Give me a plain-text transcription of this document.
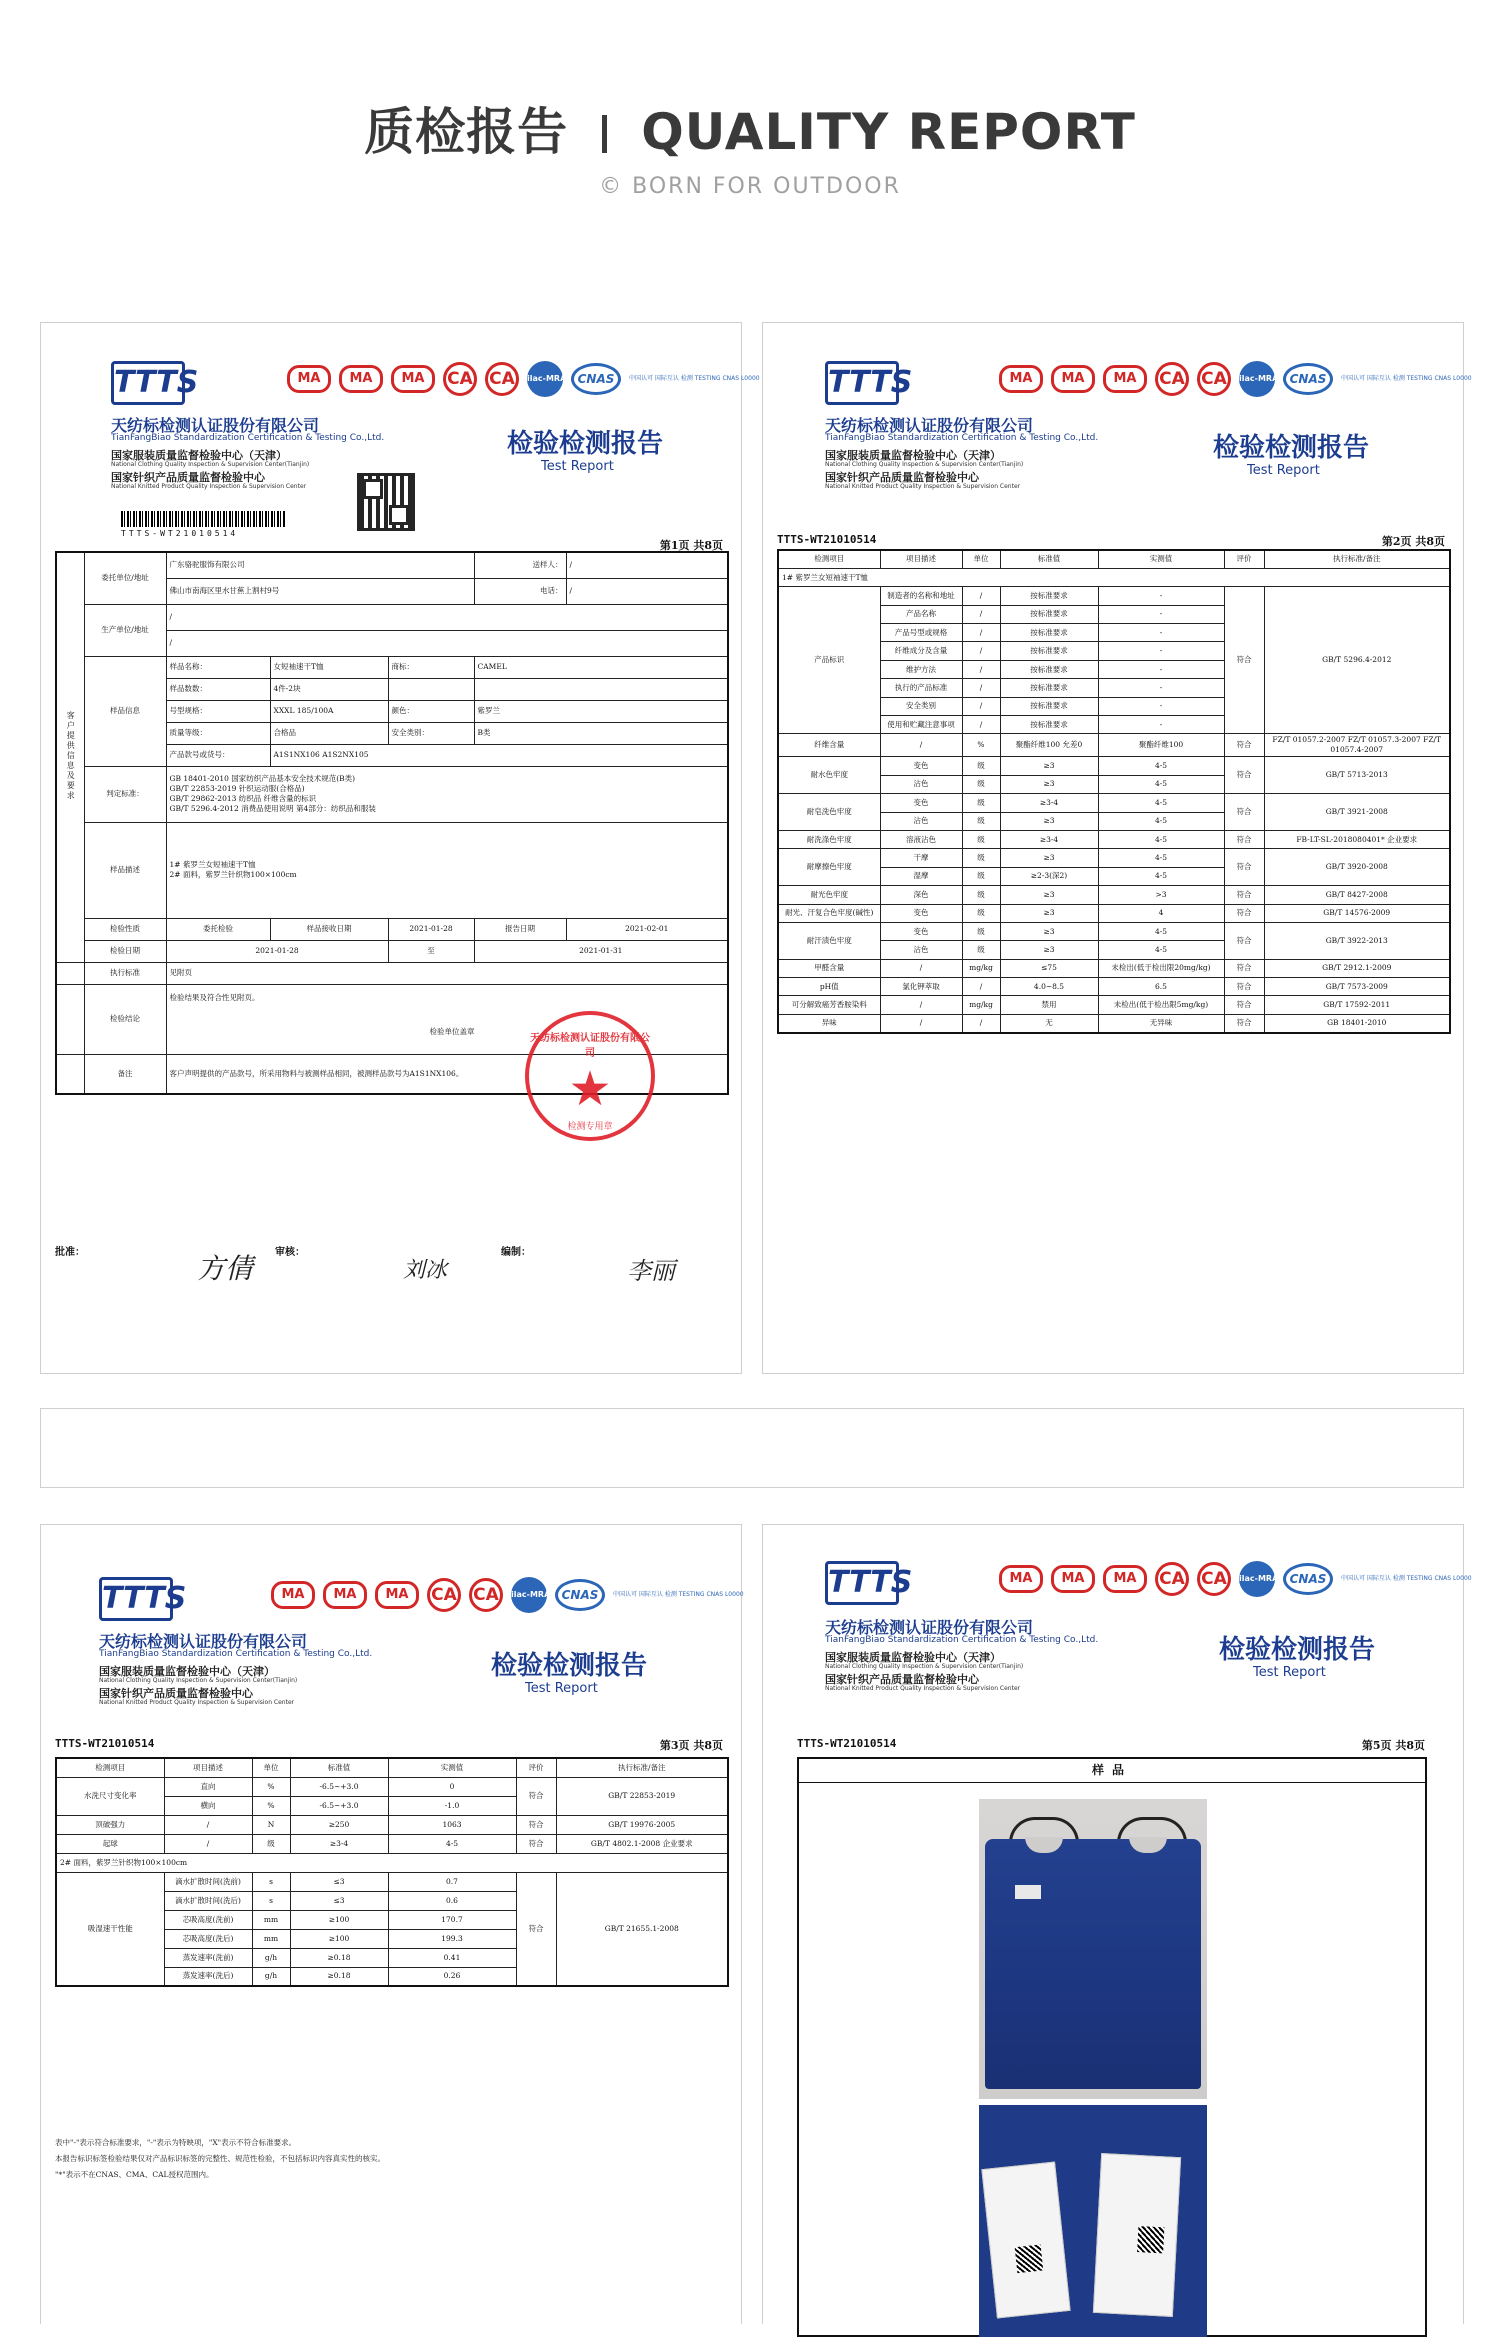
质检报告 QUALITY REPORT
© BORN FOR OUTDOOR
TTTS	MA MA MA CA CA ilac-MRA CNAS 中国认可 国际互认 检测 TESTING CNAS L0000
天纺标检测认证股份有限公司
TianFangBiao Standardization Certification & Testing Co.,Ltd.
国家服装质量监督检验中心（天津）
National Clothing Quality Inspection & Supervision Center(Tianjin)
国家针织产品质量监督检验中心
National Knitted Product Quality Inspection & Supervision Center
检验检测报告
Test Report
TTTS-WT21010514
第1页 共8页
客户提供信息及要求	委托单位/地址	广东骆驼服饰有限公司			送样人：	/
		佛山市南海区里水甘蕉上割村9号			电话：	/
	生产单位/地址	/				
		/				
	样品信息	样品名称：	女短袖速干T恤	商标：	CAMEL	
		样品数数：	4件-2块			
		号型规格：	XXXL 185/100A	颜色：	紫罗兰	
		质量等级：	合格品	安全类别：	B类	
		产品款号或货号：	A1S1NX106 A1S2NX105			
	判定标准：	GB 18401-2010 国家纺织产品基本安全技术规范(B类)
GB/T 22853-2019 针织运动服(合格品)
GB/T 29862-2013 纺织品 纤维含量的标识
GB/T 5296.4-2012 消费品使用说明 第4部分：纺织品和服装				

	样品描述	1# 紫罗兰女短袖速干T恤
2# 面料，紫罗兰针织物100×100cm				

	检验性质	委托检验	样品接收日期	2021-01-28	报告日期	2021-02-01
	检验日期	2021-01-28		至	2021-01-31	
	执行标准	见附页				
	检验结论	检验结果及符合性见附页。
检验单位盖章				

	备注	客户声明提供的产品款号，所采用物料与被测样品相同，被测样品款号为A1S1NX106。				
天纺标检测认证股份有限公司
★
检测专用章
批准：	审核：	编制：
方倩	刘冰	李丽
TTTS	MA MA MA CA CA ilac-MRA CNAS 中国认可 国际互认 检测 TESTING CNAS L0000
天纺标检测认证股份有限公司
TianFangBiao Standardization Certification & Testing Co.,Ltd.
国家服装质量监督检验中心（天津）
National Clothing Quality Inspection & Supervision Center(Tianjin)
国家针织产品质量监督检验中心
National Knitted Product Quality Inspection & Supervision Center
检验检测报告
Test Report
TTTS-WT21010514	第2页 共8页
检测项目	项目描述	单位	标准值	实测值	评价	执行标准/备注
1# 紫罗兰女短袖速干T恤						
产品标识	制造者的名称和地址	/	按标准要求	-	符合	GB/T 5296.4-2012
	产品名称	/	按标准要求	-		
	产品号型或规格	/	按标准要求	-		
	纤维成分及含量	/	按标准要求	-		
	维护方法	/	按标准要求	-		
	执行的产品标准	/	按标准要求	-		
	安全类别	/	按标准要求	-		
	使用和贮藏注意事项	/	按标准要求	-		
纤维含量	/	%	聚酯纤维100 允差0	聚酯纤维100	符合	FZ/T 01057.2-2007 FZ/T 01057.3-2007 FZ/T 01057.4-2007
耐水色牢度	变色	级	≥3	4-5	符合	GB/T 5713-2013
	沾色	级	≥3	4-5		
耐皂洗色牢度	变色	级	≥3-4	4-5	符合	GB/T 3921-2008
	沾色	级	≥3	4-5		
耐洗涤色牢度	溶液沾色	级	≥3-4	4-5	符合	FB-LT-SL-2018080401* 企业要求
耐摩擦色牢度	干摩	级	≥3	4-5	符合	GB/T 3920-2008
	湿摩	级	≥2-3(深2)	4-5		
耐光色牢度	深色	级	≥3	>3	符合	GB/T 8427-2008
耐光、汗复合色牢度(碱性)	变色	级	≥3	4	符合	GB/T 14576-2009
耐汗渍色牢度	变色	级	≥3	4-5	符合	GB/T 3922-2013
	沾色	级	≥3	4-5		
甲醛含量	/	mg/kg	≤75	未检出(低于检出限20mg/kg)	符合	GB/T 2912.1-2009
pH值	氯化钾萃取	/	4.0~8.5	6.5	符合	GB/T 7573-2009
可分解致癌芳香胺染料	/	mg/kg	禁用	未检出(低于检出限5mg/kg)	符合	GB/T 17592-2011
异味	/	/	无	无异味	符合	GB 18401-2010
TTTS	MA MA MA CA CA ilac-MRA CNAS 中国认可 国际互认 检测 TESTING CNAS L0000
天纺标检测认证股份有限公司
TianFangBiao Standardization Certification & Testing Co.,Ltd.
国家服装质量监督检验中心（天津）
National Clothing Quality Inspection & Supervision Center(Tianjin)
国家针织产品质量监督检验中心
National Knitted Product Quality Inspection & Supervision Center
检验检测报告
Test Report
TTTS-WT21010514	第3页 共8页
检测项目	项目描述	单位	标准值	实测值	评价	执行标准/备注
水洗尺寸变化率	直向	%	-6.5~+3.0	0	符合	GB/T 22853-2019
	横向	%	-6.5~+3.0	-1.0		
顶破强力	/	N	≥250	1063	符合	GB/T 19976-2005
起球	/	级	≥3-4	4-5	符合	GB/T 4802.1-2008 企业要求
2# 面料，紫罗兰针织物100×100cm						
吸湿速干性能	滴水扩散时间(洗前)	s	≤3	0.7	符合	GB/T 21655.1-2008
	滴水扩散时间(洗后)	s	≤3	0.6		
	芯吸高度(洗前)	mm	≥100	170.7		
	芯吸高度(洗后)	mm	≥100	199.3		
	蒸发速率(洗前)	g/h	≥0.18	0.41		
	蒸发速率(洗后)	g/h	≥0.18	0.26		
表中"-"表示符合标准要求，"-"表示为特映项，"X"表示不符合标准要求。
本报告标识标签检验结果仅对产品标识标签的完整性、规范性检验，不包括标识内容真实性的核实。
"*"表示不在CNAS、CMA、CAL授权范围内。
TTTS	MA MA MA CA CA ilac-MRA CNAS 中国认可 国际互认 检测 TESTING CNAS L0000
天纺标检测认证股份有限公司
TianFangBiao Standardization Certification & Testing Co.,Ltd.
国家服装质量监督检验中心（天津）
National Clothing Quality Inspection & Supervision Center(Tianjin)
国家针织产品质量监督检验中心
National Knitted Product Quality Inspection & Supervision Center
检验检测报告
Test Report
TTTS-WT21010514	第5页 共8页
样品
